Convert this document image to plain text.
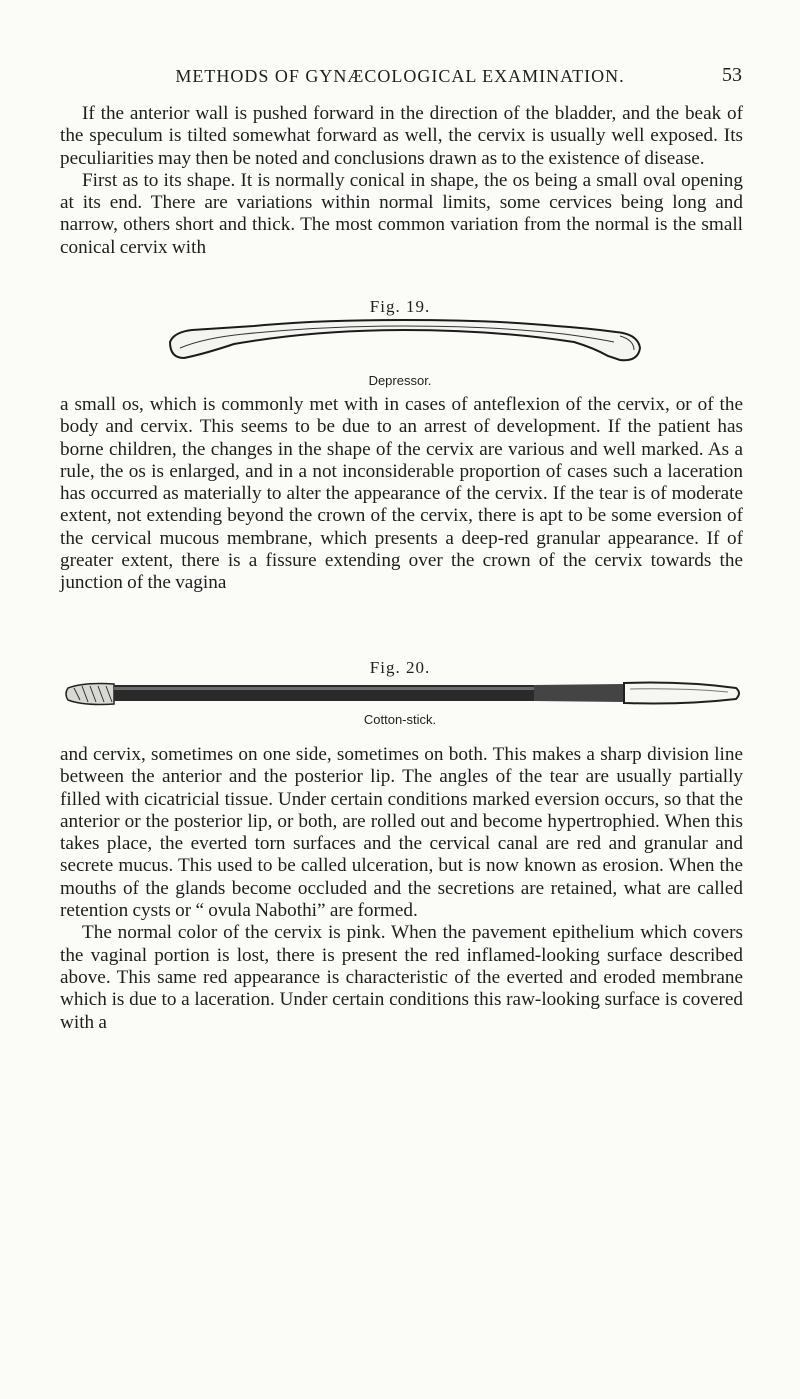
METHODS OF GYNÆCOLOGICAL EXAMINATION.	53

If the anterior wall is pushed forward in the direction of the bladder, and the beak of the speculum is tilted somewhat forward as well, the cervix is usually well exposed. Its peculiarities may then be noted and conclusions drawn as to the existence of disease.

First as to its shape. It is normally conical in shape, the os being a small oval opening at its end. There are variations within normal limits, some cervices being long and narrow, others short and thick. The most common variation from the normal is the small conical cervix with

Fig. 19.
Depressor.

a small os, which is commonly met with in cases of anteflexion of the cervix, or of the body and cervix. This seems to be due to an arrest of development. If the patient has borne children, the changes in the shape of the cervix are various and well marked. As a rule, the os is enlarged, and in a not inconsiderable proportion of cases such a laceration has occurred as materially to alter the appearance of the cervix. If the tear is of moderate extent, not extending beyond the crown of the cervix, there is apt to be some eversion of the cervical mucous membrane, which presents a deep-red granular appearance. If of greater extent, there is a fissure extending over the crown of the cervix towards the junction of the vagina

Fig. 20.
Cotton-stick.

and cervix, sometimes on one side, sometimes on both. This makes a sharp division line between the anterior and the posterior lip. The angles of the tear are usually partially filled with cicatricial tissue. Under certain conditions marked eversion occurs, so that the anterior or the posterior lip, or both, are rolled out and become hypertrophied. When this takes place, the everted torn surfaces and the cervical canal are red and granular and secrete mucus. This used to be called ulceration, but is now known as erosion. When the mouths of the glands become occluded and the secretions are retained, what are called retention cysts or “ ovula Nabothi” are formed.

The normal color of the cervix is pink. When the pavement epithelium which covers the vaginal portion is lost, there is present the red inflamed-looking surface described above. This same red appearance is characteristic of the everted and eroded membrane which is due to a laceration. Under certain conditions this raw-looking surface is covered with a
